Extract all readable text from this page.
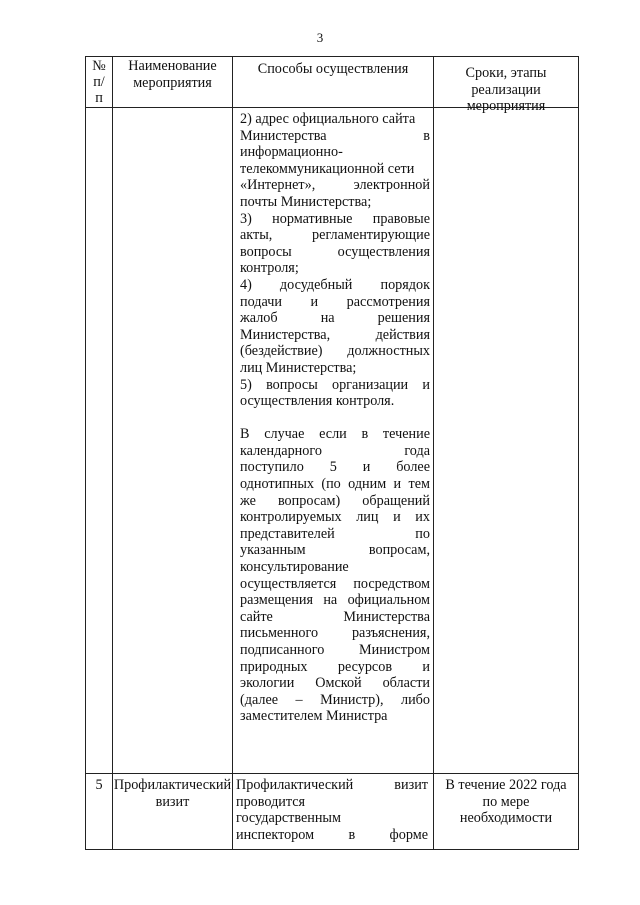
3
№
п/
п
Наименование
мероприятия
Способы осуществления	Сроки, этапы
реализации
мероприятия
2) адрес официального сайта
Министерства в
информационно-
телекоммуникационной сети
«Интернет», электронной
почты Министерства;
3) нормативные правовые
акты, регламентирующие
вопросы осуществления
контроля;
4) досудебный порядок
подачи и рассмотрения
жалоб на решения
Министерства, действия
(бездействие) должностных
лиц Министерства;
5) вопросы организации и
осуществления контроля.
В случае если в течение
календарного года
поступило 5 и более
однотипных (по одним и тем
же вопросам) обращений
контролируемых лиц и их
представителей по
указанным вопросам,
консультирование
осуществляется посредством
размещения на официальном
сайте Министерства
письменного разъяснения,
подписанного Министром
природных ресурсов и
экологии Омской области
(далее – Министр), либо
заместителем Министра
5 Профилактический
визит
Профилактический визит
проводится
государственным
инспектором в форме
В течение 2022 года
по мере
необходимости
